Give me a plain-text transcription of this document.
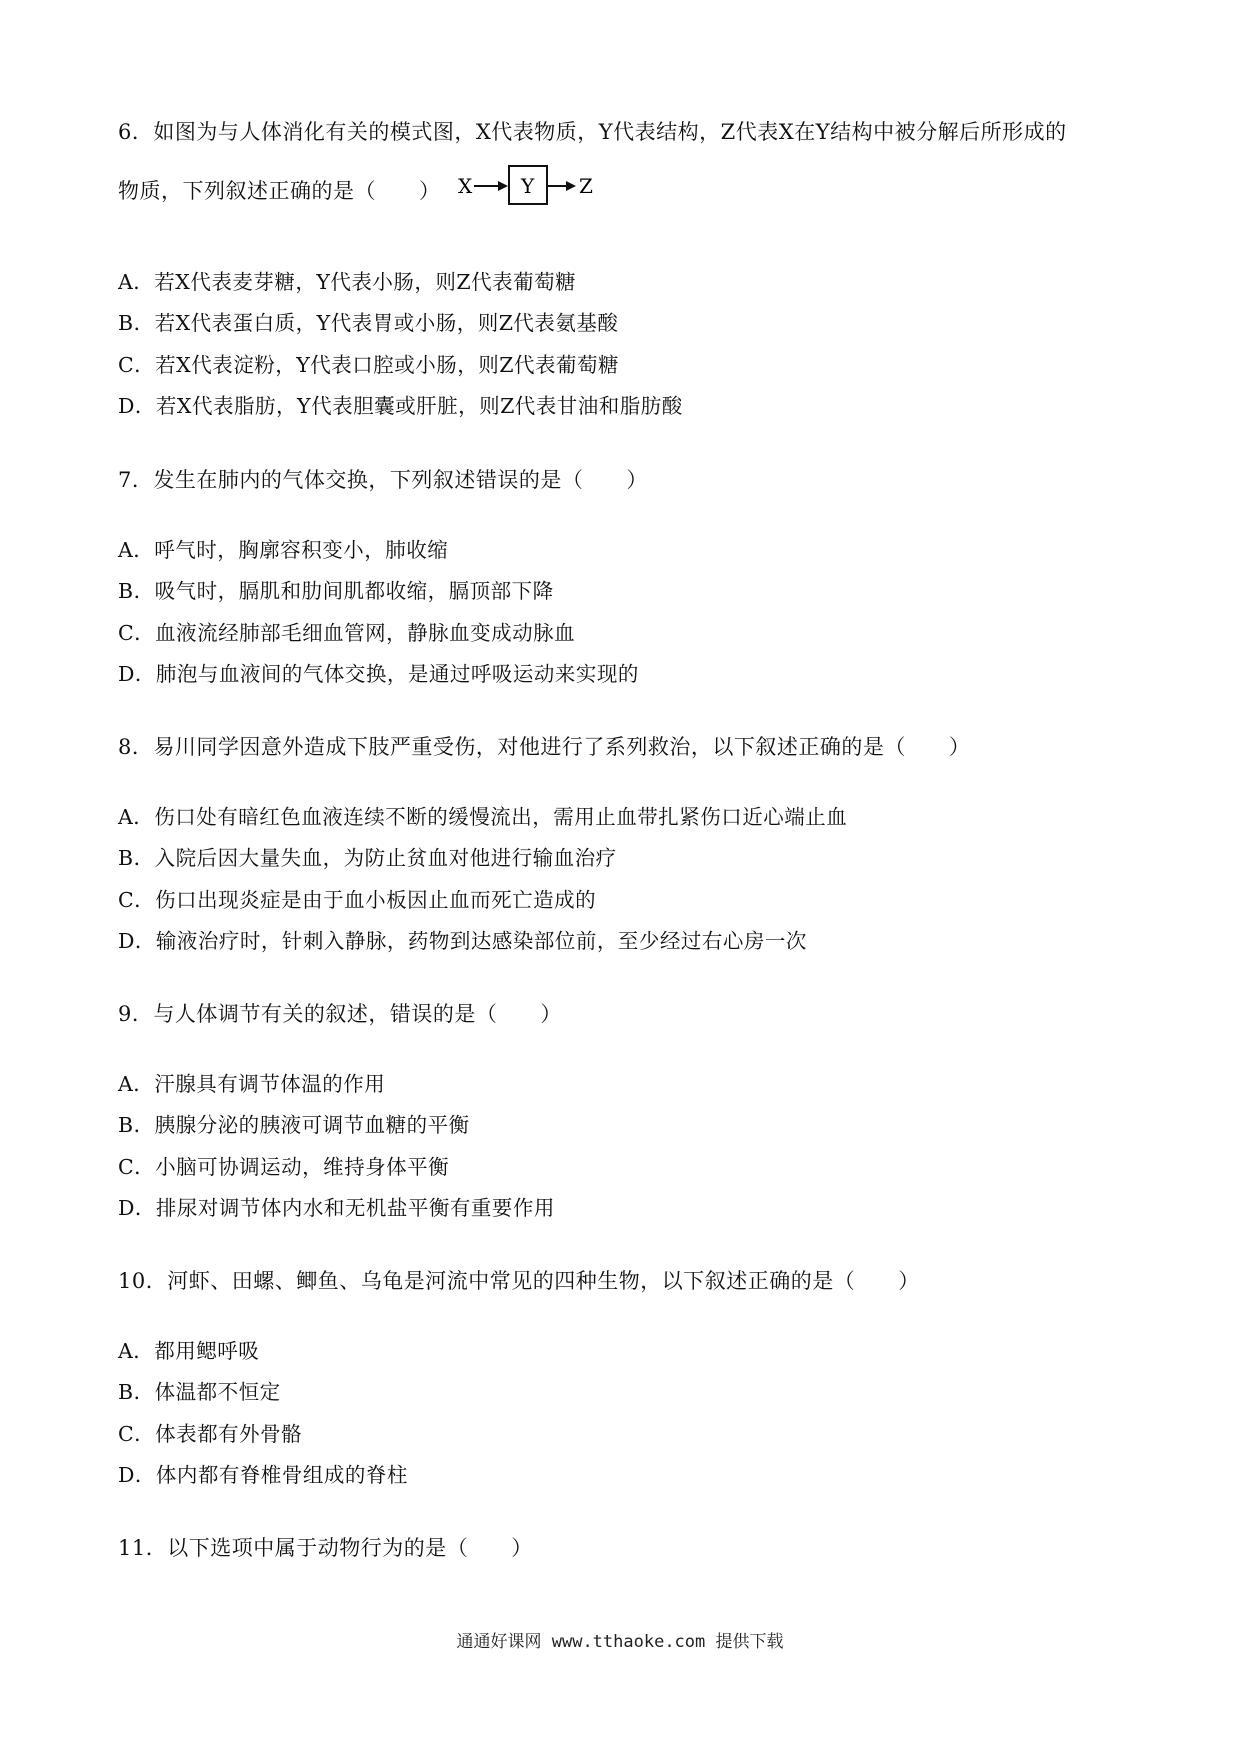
6．如图为与人体消化有关的模式图，X代表物质，Y代表结构，Z代表X在Y结构中被分解后所形成的
物质，下列叙述正确的是（　　） X Y Z
A．若X代表麦芽糖，Y代表小肠，则Z代表葡萄糖
B．若X代表蛋白质，Y代表胃或小肠，则Z代表氨基酸
C．若X代表淀粉，Y代表口腔或小肠，则Z代表葡萄糖
D．若X代表脂肪，Y代表胆囊或肝脏，则Z代表甘油和脂肪酸
7．发生在肺内的气体交换，下列叙述错误的是（　　）
A．呼气时，胸廓容积变小，肺收缩
B．吸气时，膈肌和肋间肌都收缩，膈顶部下降
C．血液流经肺部毛细血管网，静脉血变成动脉血
D．肺泡与血液间的气体交换，是通过呼吸运动来实现的
8．易川同学因意外造成下肢严重受伤，对他进行了系列救治，以下叙述正确的是（　　）
A．伤口处有暗红色血液连续不断的缓慢流出，需用止血带扎紧伤口近心端止血
B．入院后因大量失血，为防止贫血对他进行输血治疗
C．伤口出现炎症是由于血小板因止血而死亡造成的
D．输液治疗时，针刺入静脉，药物到达感染部位前，至少经过右心房一次
9．与人体调节有关的叙述，错误的是（　　）
A．汗腺具有调节体温的作用
B．胰腺分泌的胰液可调节血糖的平衡
C．小脑可协调运动，维持身体平衡
D．排尿对调节体内水和无机盐平衡有重要作用
10．河虾、田螺、鲫鱼、乌龟是河流中常见的四种生物，以下叙述正确的是（　　）
A．都用鳃呼吸
B．体温都不恒定
C．体表都有外骨骼
D．体内都有脊椎骨组成的脊柱
11．以下选项中属于动物行为的是（　　）
通通好课网 www.tthaoke.com 提供下载
